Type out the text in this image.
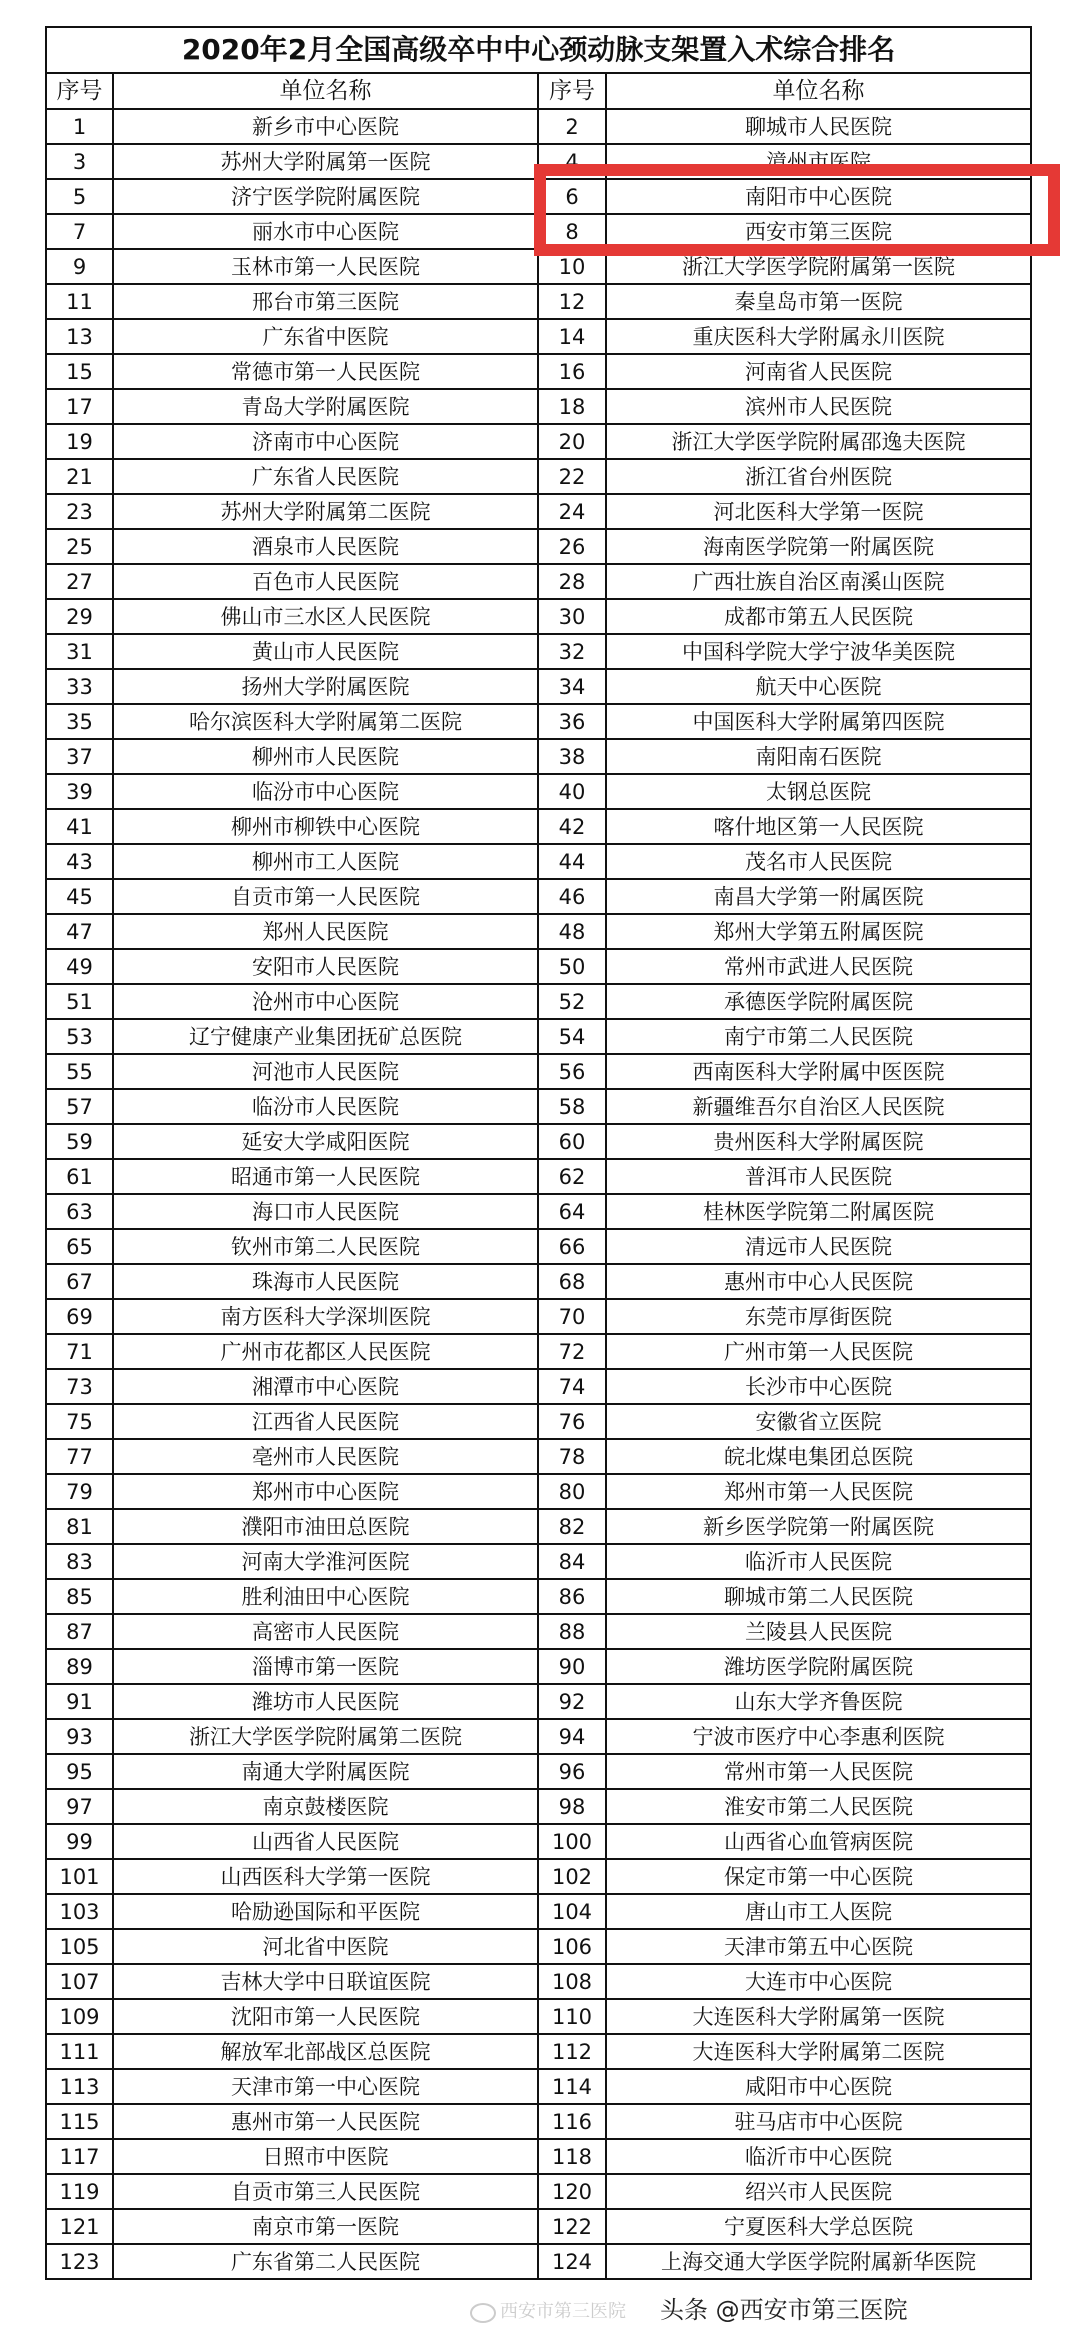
2020年2月全国高级卒中中心颈动脉支架置入术综合排名			
序号	单位名称	序号	单位名称
1	新乡市中心医院	2	聊城市人民医院
3	苏州大学附属第一医院	4	漳州市医院
5	济宁医学院附属医院	6	南阳市中心医院
7	丽水市中心医院	8	西安市第三医院
9	玉林市第一人民医院	10	浙江大学医学院附属第一医院
11	邢台市第三医院	12	秦皇岛市第一医院
13	广东省中医院	14	重庆医科大学附属永川医院
15	常德市第一人民医院	16	河南省人民医院
17	青岛大学附属医院	18	滨州市人民医院
19	济南市中心医院	20	浙江大学医学院附属邵逸夫医院
21	广东省人民医院	22	浙江省台州医院
23	苏州大学附属第二医院	24	河北医科大学第一医院
25	酒泉市人民医院	26	海南医学院第一附属医院
27	百色市人民医院	28	广西壮族自治区南溪山医院
29	佛山市三水区人民医院	30	成都市第五人民医院
31	黄山市人民医院	32	中国科学院大学宁波华美医院
33	扬州大学附属医院	34	航天中心医院
35	哈尔滨医科大学附属第二医院	36	中国医科大学附属第四医院
37	柳州市人民医院	38	南阳南石医院
39	临汾市中心医院	40	太钢总医院
41	柳州市柳铁中心医院	42	喀什地区第一人民医院
43	柳州市工人医院	44	茂名市人民医院
45	自贡市第一人民医院	46	南昌大学第一附属医院
47	郑州人民医院	48	郑州大学第五附属医院
49	安阳市人民医院	50	常州市武进人民医院
51	沧州市中心医院	52	承德医学院附属医院
53	辽宁健康产业集团抚矿总医院	54	南宁市第二人民医院
55	河池市人民医院	56	西南医科大学附属中医医院
57	临汾市人民医院	58	新疆维吾尔自治区人民医院
59	延安大学咸阳医院	60	贵州医科大学附属医院
61	昭通市第一人民医院	62	普洱市人民医院
63	海口市人民医院	64	桂林医学院第二附属医院
65	钦州市第二人民医院	66	清远市人民医院
67	珠海市人民医院	68	惠州市中心人民医院
69	南方医科大学深圳医院	70	东莞市厚街医院
71	广州市花都区人民医院	72	广州市第一人民医院
73	湘潭市中心医院	74	长沙市中心医院
75	江西省人民医院	76	安徽省立医院
77	亳州市人民医院	78	皖北煤电集团总医院
79	郑州市中心医院	80	郑州市第一人民医院
81	濮阳市油田总医院	82	新乡医学院第一附属医院
83	河南大学淮河医院	84	临沂市人民医院
85	胜利油田中心医院	86	聊城市第二人民医院
87	高密市人民医院	88	兰陵县人民医院
89	淄博市第一医院	90	潍坊医学院附属医院
91	潍坊市人民医院	92	山东大学齐鲁医院
93	浙江大学医学院附属第二医院	94	宁波市医疗中心李惠利医院
95	南通大学附属医院	96	常州市第一人民医院
97	南京鼓楼医院	98	淮安市第二人民医院
99	山西省人民医院	100	山西省心血管病医院
101	山西医科大学第一医院	102	保定市第一中心医院
103	哈励逊国际和平医院	104	唐山市工人医院
105	河北省中医院	106	天津市第五中心医院
107	吉林大学中日联谊医院	108	大连市中心医院
109	沈阳市第一人民医院	110	大连医科大学附属第一医院
111	解放军北部战区总医院	112	大连医科大学附属第二医院
113	天津市第一中心医院	114	咸阳市中心医院
115	惠州市第一人民医院	116	驻马店市中心医院
117	日照市中医院	118	临沂市中心医院
119	自贡市第三人民医院	120	绍兴市人民医院
121	南京市第一医院	122	宁夏医科大学总医院
123	广东省第二人民医院	124	上海交通大学医学院附属新华医院
西安市第三医院 头条 @西安市第三医院
